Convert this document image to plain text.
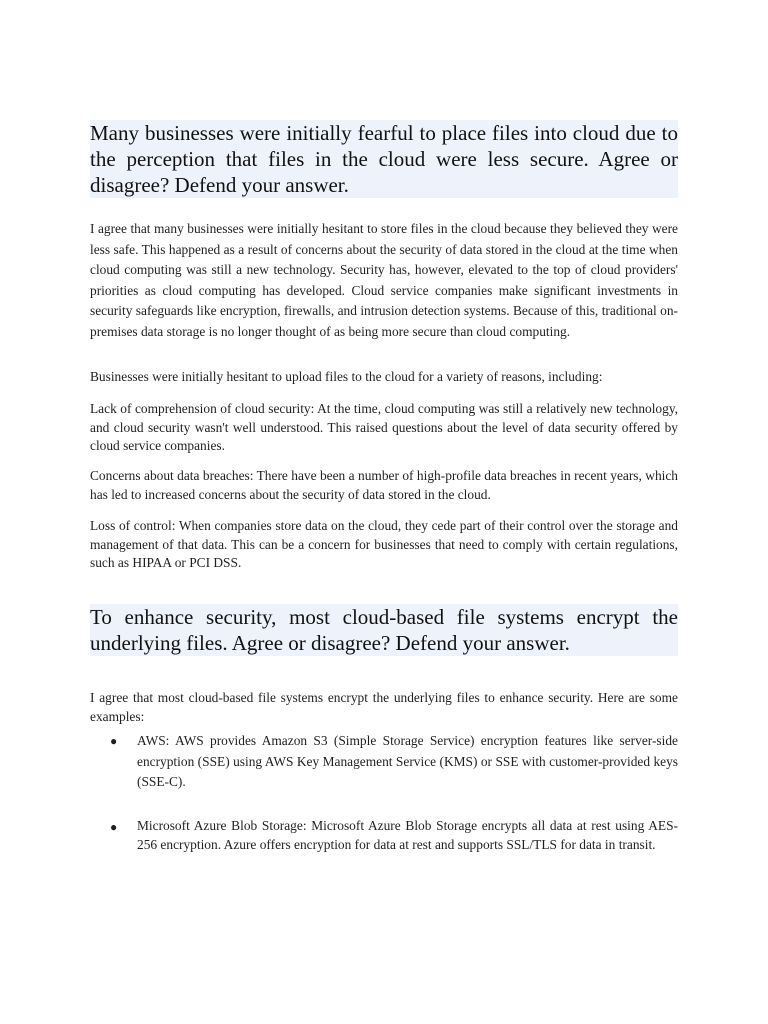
Many businesses were initially fearful to place files into cloud due to the perception that files in the cloud were less secure. Agree or disagree? Defend your answer.

I agree that many businesses were initially hesitant to store files in the cloud because they believed they were less safe. This happened as a result of concerns about the security of data stored in the cloud at the time when cloud computing was still a new technology. Security has, however, elevated to the top of cloud providers' priorities as cloud computing has developed. Cloud service companies make significant investments in security safeguards like encryption, firewalls, and intrusion detection systems. Because of this, traditional on-premises data storage is no longer thought of as being more secure than cloud computing.

Businesses were initially hesitant to upload files to the cloud for a variety of reasons, including:

Lack of comprehension of cloud security: At the time, cloud computing was still a relatively new technology, and cloud security wasn't well understood. This raised questions about the level of data security offered by cloud service companies.

Concerns about data breaches: There have been a number of high-profile data breaches in recent years, which has led to increased concerns about the security of data stored in the cloud.

Loss of control: When companies store data on the cloud, they cede part of their control over the storage and management of that data. This can be a concern for businesses that need to comply with certain regulations, such as HIPAA or PCI DSS.

To enhance security, most cloud-based file systems encrypt the underlying files. Agree or disagree? Defend your answer.

I agree that most cloud-based file systems encrypt the underlying files to enhance security. Here are some examples:

●	AWS: AWS provides Amazon S3 (Simple Storage Service) encryption features like server-side encryption (SSE) using AWS Key Management Service (KMS) or SSE with customer-provided keys (SSE-C).
●	Microsoft Azure Blob Storage: Microsoft Azure Blob Storage encrypts all data at rest using AES-256 encryption. Azure offers encryption for data at rest and supports SSL/TLS for data in transit.
